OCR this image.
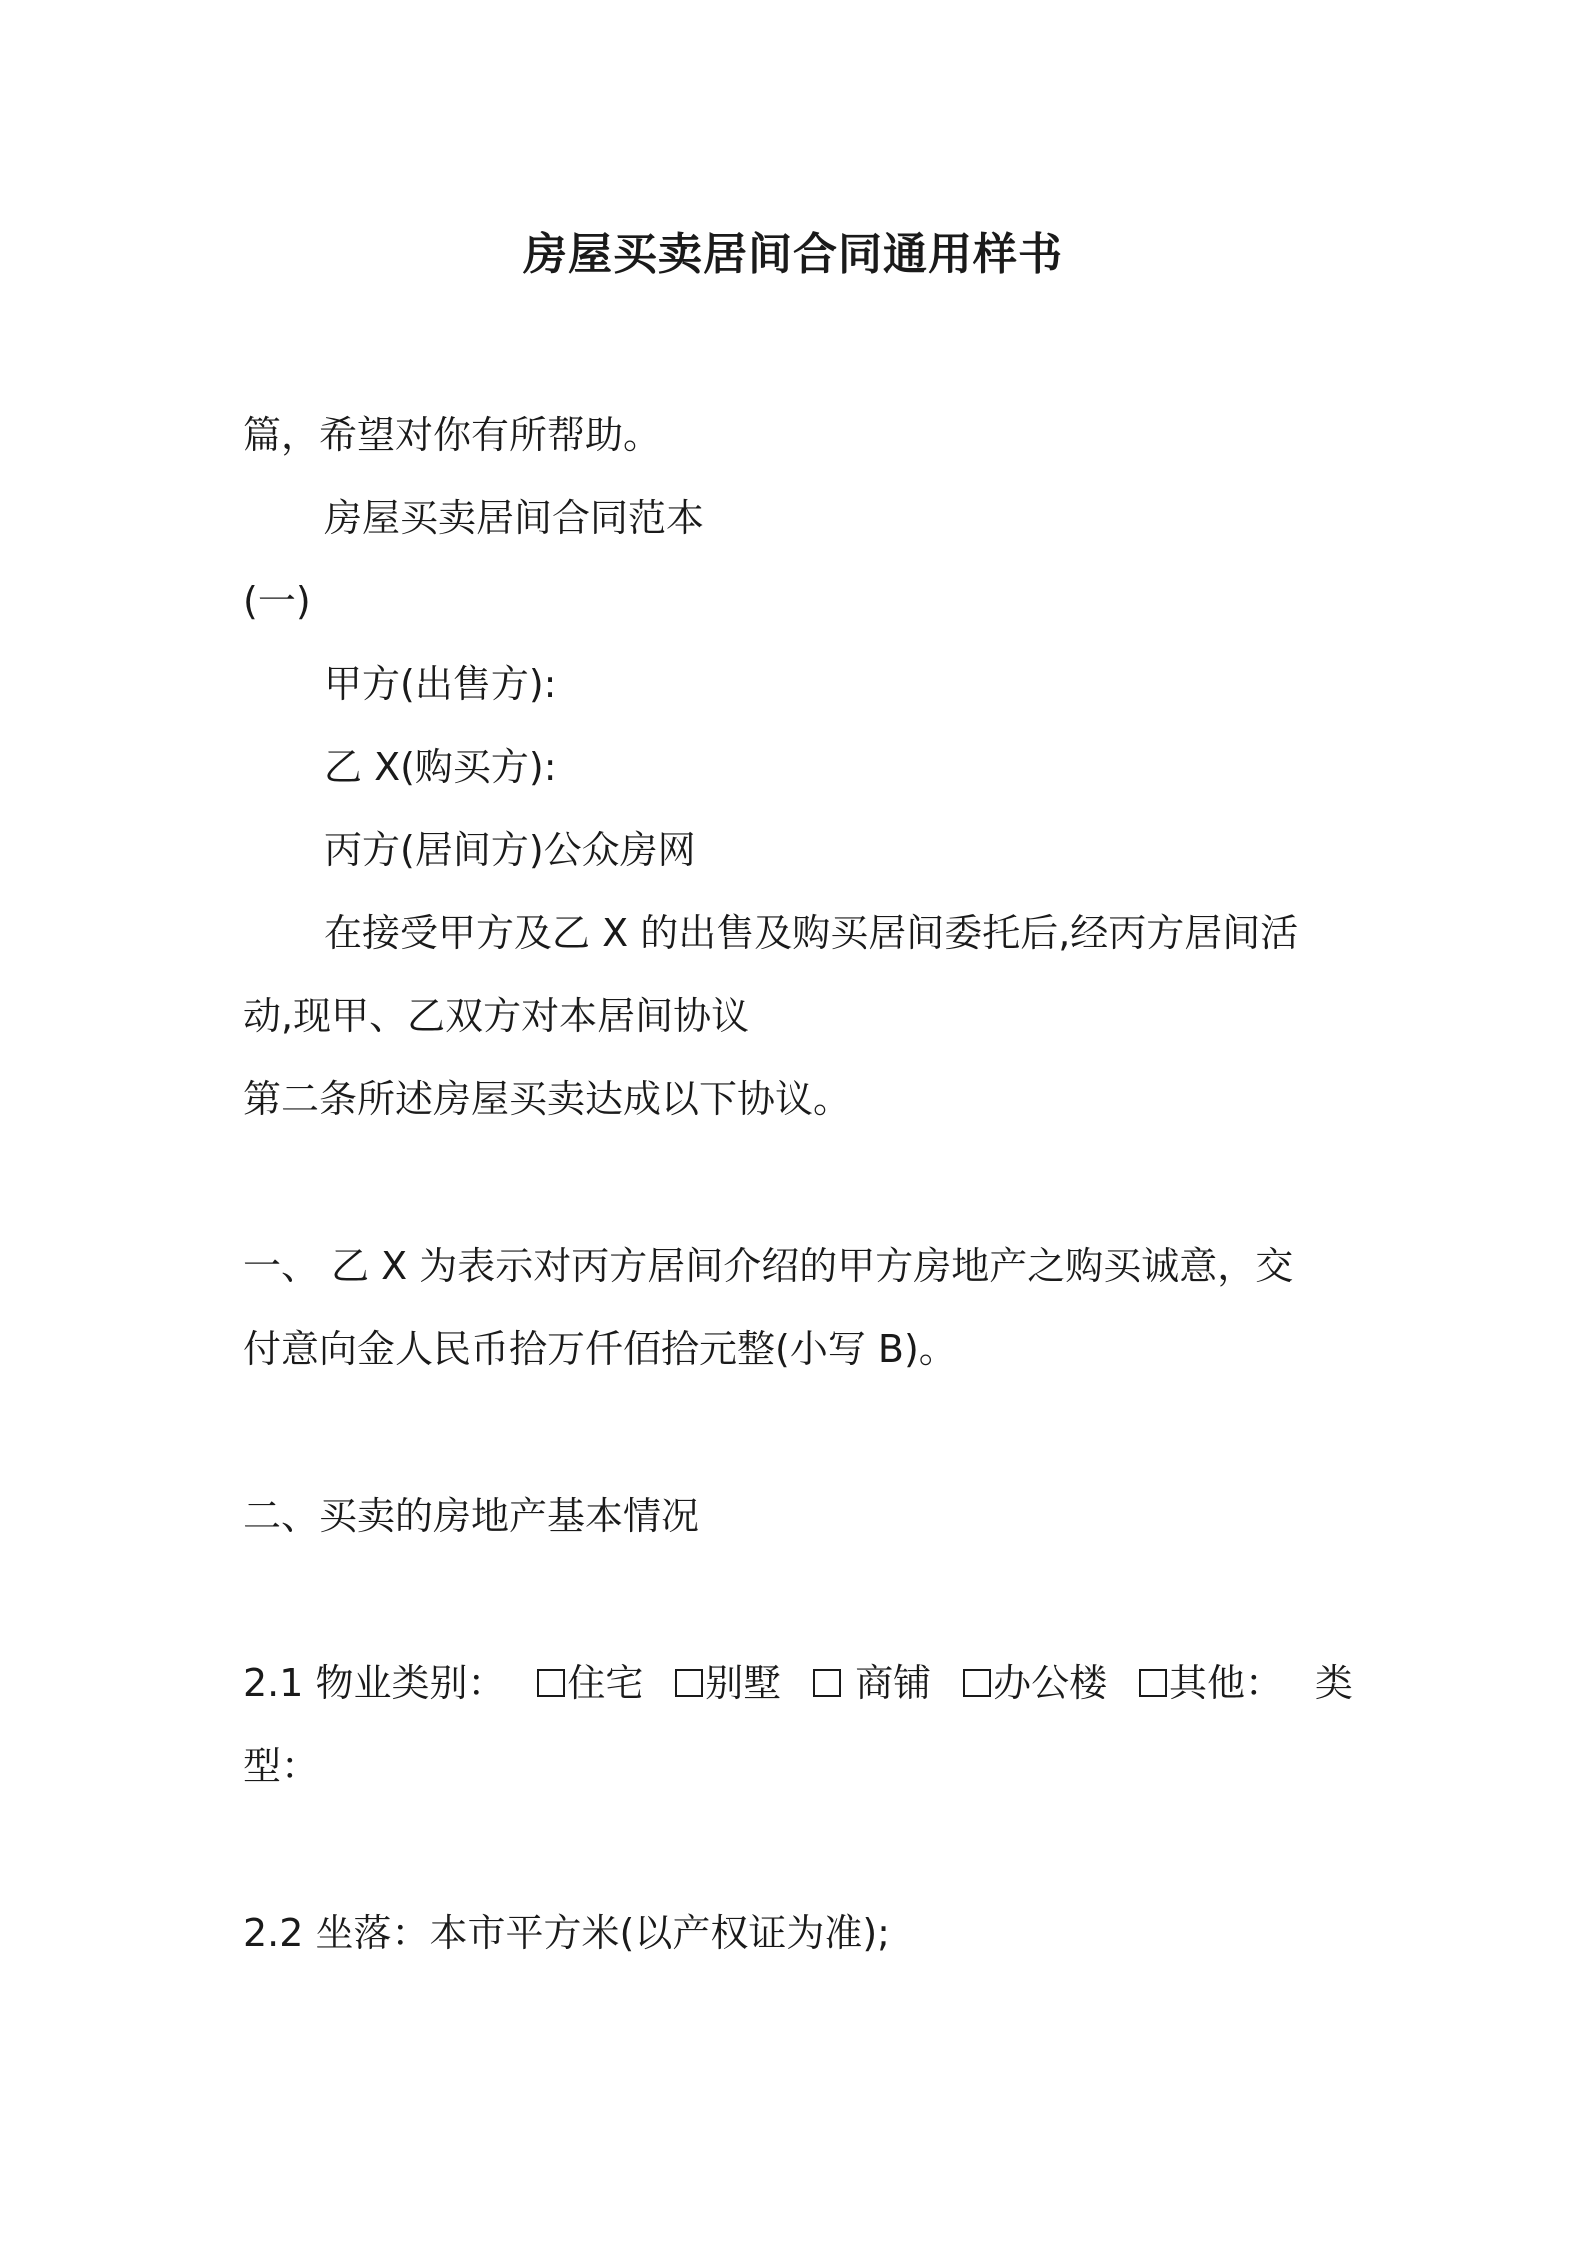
房屋买卖居间合同通用样书
篇，希望对你有所帮助。
房屋买卖居间合同范本
(一)
甲方(出售方):
乙 X(购买方):
丙方(居间方)公众房网
在接受甲方及乙 X 的出售及购买居间委托后,经丙方居间活
动,现甲、乙双方对本居间协议
第二条所述房屋买卖达成以下协议。
一、 乙 X 为表示对丙方居间介绍的甲方房地产之购买诚意，交
付意向金人民币拾万仟佰拾元整(小写 B)。
二、买卖的房地产基本情况
2.1 物业类别： 住宅 别墅 商铺 办公楼 其他： 类
型：
2.2 坐落：本市平方米(以产权证为准);
